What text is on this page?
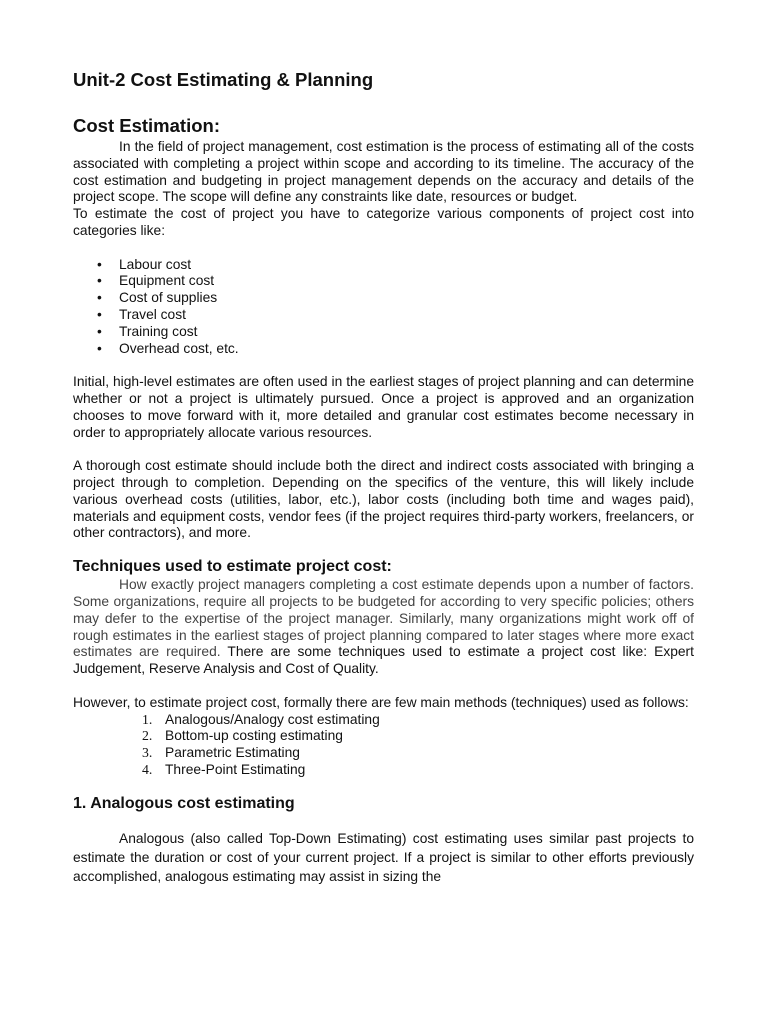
Unit-2 Cost Estimating & Planning
Cost Estimation:

In the field of project management, cost estimation is the process of estimating all of the costs associated with completing a project within scope and according to its timeline. The accuracy of the cost estimation and budgeting in project management depends on the accuracy and details of the project scope. The scope will define any constraints like date, resources or budget.

To estimate the cost of project you have to categorize various components of project cost into categories like:

• Labour cost
• Equipment cost
• Cost of supplies
• Travel cost
• Training cost
• Overhead cost, etc.

Initial, high-level estimates are often used in the earliest stages of project planning and can determine whether or not a project is ultimately pursued. Once a project is approved and an organization chooses to move forward with it, more detailed and granular cost estimates become necessary in order to appropriately allocate various resources.

A thorough cost estimate should include both the direct and indirect costs associated with bringing a project through to completion. Depending on the specifics of the venture, this will likely include various overhead costs (utilities, labor, etc.), labor costs (including both time and wages paid), materials and equipment costs, vendor fees (if the project requires third-party workers, freelancers, or other contractors), and more.

Techniques used to estimate project cost:

How exactly project managers completing a cost estimate depends upon a number of factors. Some organizations, require all projects to be budgeted for according to very specific policies; others may defer to the expertise of the project manager. Similarly, many organizations might work off of rough estimates in the earliest stages of project planning compared to later stages where more exact estimates are required. There are some techniques used to estimate a project cost like: Expert Judgement, Reserve Analysis and Cost of Quality.

However, to estimate project cost, formally there are few main methods (techniques) used as follows:

1. Analogous/Analogy cost estimating
2. Bottom-up costing estimating
3. Parametric Estimating
4. Three-Point Estimating
1. Analogous cost estimating

Analogous (also called Top-Down Estimating) cost estimating uses similar past projects to estimate the duration or cost of your current project. If a project is similar to other efforts previously accomplished, analogous estimating may assist in sizing the
